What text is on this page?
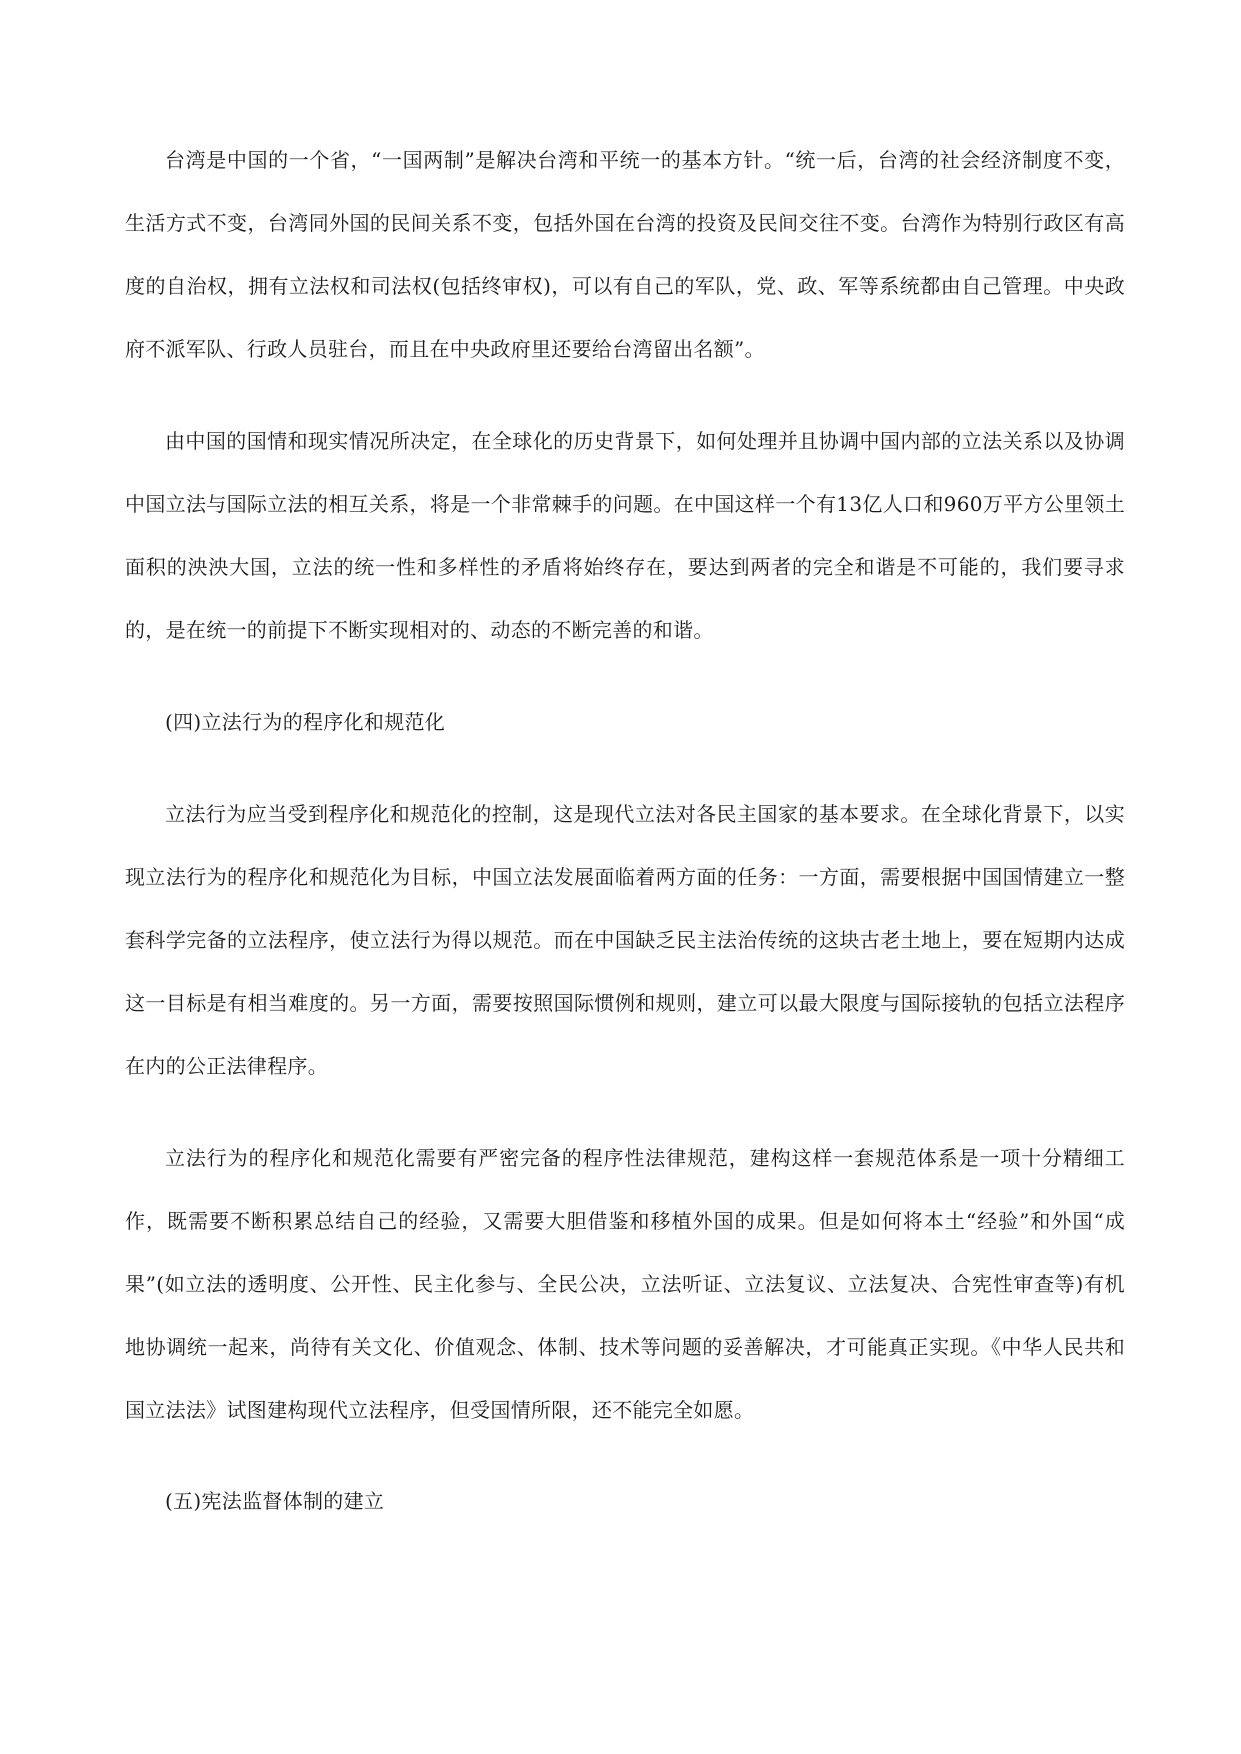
台湾是中国的一个省，“一国两制”是解决台湾和平统一的基本方针。“统一后，台湾的社会经济制度不变，生活方式不变，台湾同外国的民间关系不变，包括外国在台湾的投资及民间交往不变。台湾作为特别行政区有高度的自治权，拥有立法权和司法权(包括终审权)，可以有自己的军队，党、政、军等系统都由自己管理。中央政府不派军队、行政人员驻台，而且在中央政府里还要给台湾留出名额”。

由中国的国情和现实情况所决定，在全球化的历史背景下，如何处理并且协调中国内部的立法关系以及协调中国立法与国际立法的相互关系，将是一个非常棘手的问题。在中国这样一个有13亿人口和960万平方公里领土面积的泱泱大国，立法的统一性和多样性的矛盾将始终存在，要达到两者的完全和谐是不可能的，我们要寻求的，是在统一的前提下不断实现相对的、动态的不断完善的和谐。

(四)立法行为的程序化和规范化

立法行为应当受到程序化和规范化的控制，这是现代立法对各民主国家的基本要求。在全球化背景下，以实现立法行为的程序化和规范化为目标，中国立法发展面临着两方面的任务：一方面，需要根据中国国情建立一整套科学完备的立法程序，使立法行为得以规范。而在中国缺乏民主法治传统的这块古老土地上，要在短期内达成这一目标是有相当难度的。另一方面，需要按照国际惯例和规则，建立可以最大限度与国际接轨的包括立法程序在内的公正法律程序。

立法行为的程序化和规范化需要有严密完备的程序性法律规范，建构这样一套规范体系是一项十分精细工作，既需要不断积累总结自己的经验，又需要大胆借鉴和移植外国的成果。但是如何将本土“经验”和外国“成果”(如立法的透明度、公开性、民主化参与、全民公决，立法听证、立法复议、立法复决、合宪性审查等)有机地协调统一起来，尚待有关文化、价值观念、体制、技术等问题的妥善解决，才可能真正实现。《中华人民共和国立法法》试图建构现代立法程序，但受国情所限，还不能完全如愿。

(五)宪法监督体制的建立
